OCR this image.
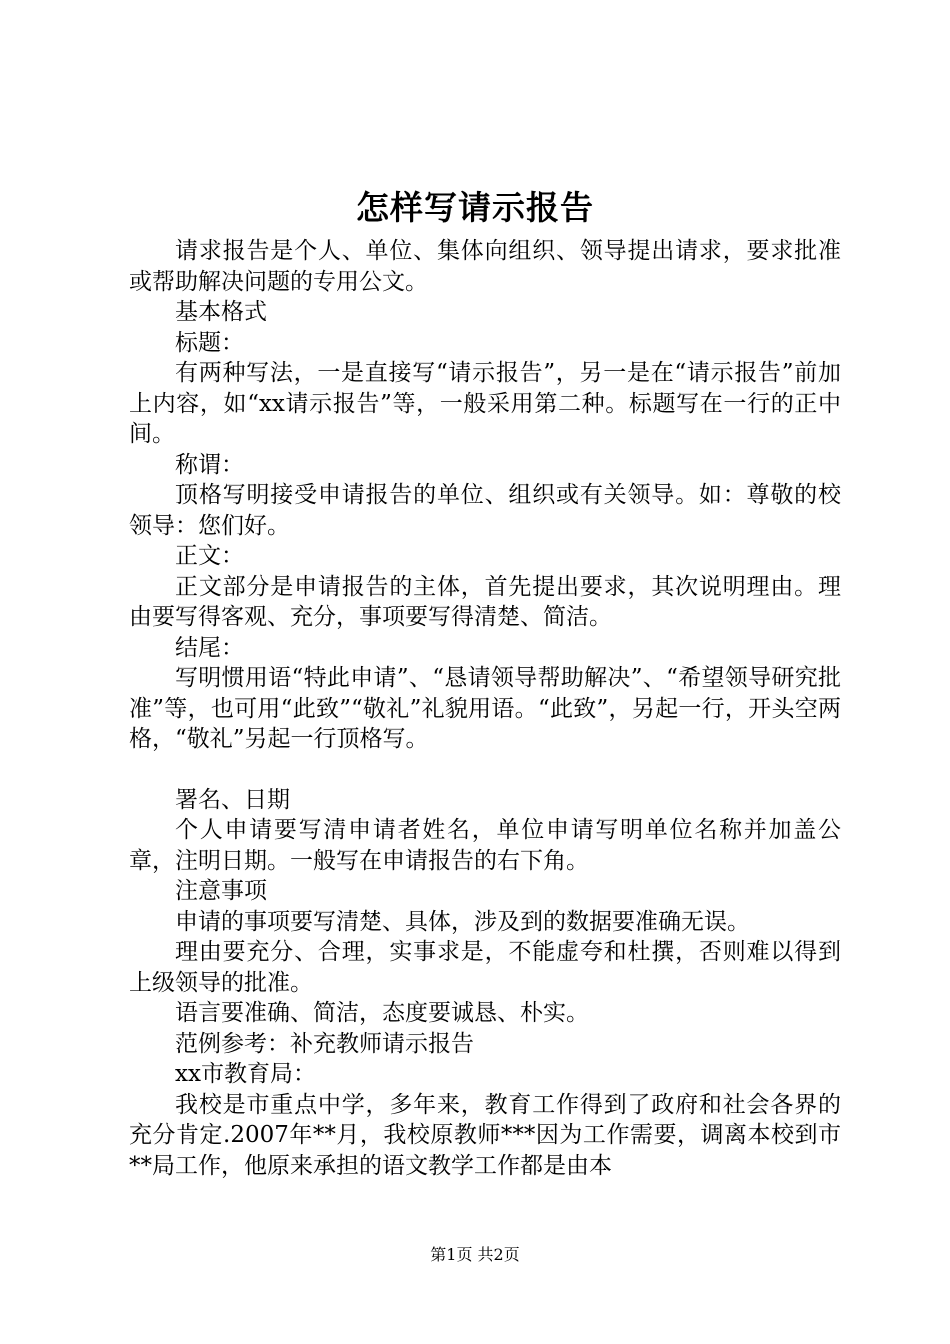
怎样写请示报告

请求报告是个人、单位、集体向组织、领导提出请求，要求批准或帮助解决问题的专用公文。

基本格式

标题：

有两种写法，一是直接写“请示报告”，另一是在“请示报告”前加上内容，如“xx请示报告”等，一般采用第二种。标题写在一行的正中间。

称谓：

顶格写明接受申请报告的单位、组织或有关领导。如：尊敬的校领导：您们好。

正文：

正文部分是申请报告的主体，首先提出要求，其次说明理由。理由要写得客观、充分，事项要写得清楚、简洁。

结尾：

写明惯用语“特此申请”、“恳请领导帮助解决”、“希望领导研究批准”等，也可用“此致”“敬礼”礼貌用语。“此致”，另起一行，开头空两格，“敬礼”另起一行顶格写。

署名、日期

个人申请要写清申请者姓名，单位申请写明单位名称并加盖公章，注明日期。一般写在申请报告的右下角。

注意事项

申请的事项要写清楚、具体，涉及到的数据要准确无误。

理由要充分、合理，实事求是，不能虚夸和杜撰，否则难以得到上级领导的批准。

语言要准确、简洁，态度要诚恳、朴实。

范例参考：补充教师请示报告

xx市教育局：

我校是市重点中学，多年来，教育工作得到了政府和社会各界的充分肯定.2007年**月，我校原教师***因为工作需要，调离本校到市**局工作，他原来承担的语文教学工作都是由本

第1页 共2页
